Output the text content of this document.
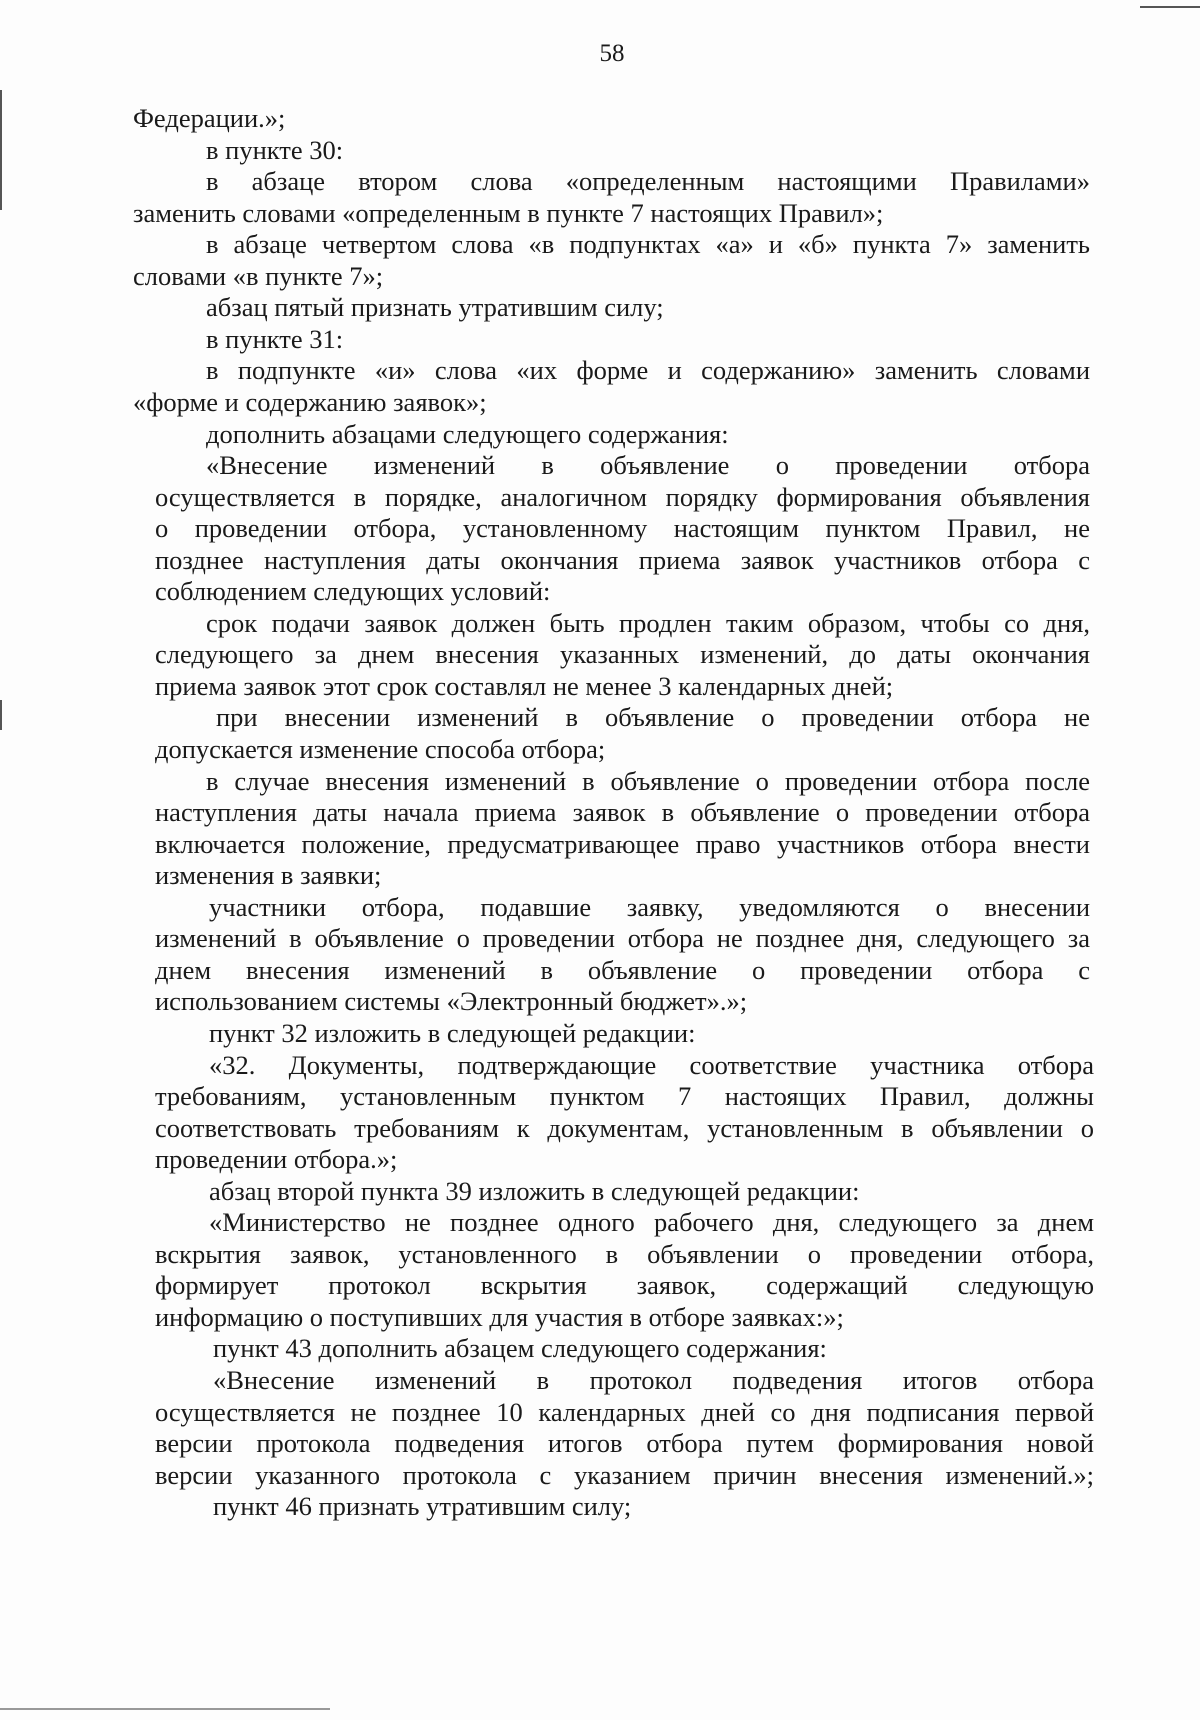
58
Федерации.»;
в пункте 30:
в абзаце втором слова «определенным настоящими Правилами»
заменить словами «определенным в пункте 7 настоящих Правил»;
в абзаце четвертом слова «в подпунктах «а» и «б» пункта 7» заменить
словами «в пункте 7»;
абзац пятый признать утратившим силу;
в пункте 31:
в подпункте «и» слова «их форме и содержанию» заменить словами
«форме и содержанию заявок»;
дополнить абзацами следующего содержания:
«Внесение изменений в объявление о проведении отбора
осуществляется в порядке, аналогичном порядку формирования объявления
о проведении отбора, установленному настоящим пунктом Правил, не
позднее наступления даты окончания приема заявок участников отбора с
соблюдением следующих условий:
срок подачи заявок должен быть продлен таким образом, чтобы со дня,
следующего за днем внесения указанных изменений, до даты окончания
приема заявок этот срок составлял не менее 3 календарных дней;
при внесении изменений в объявление о проведении отбора не
допускается изменение способа отбора;
в случае внесения изменений в объявление о проведении отбора после
наступления даты начала приема заявок в объявление о проведении отбора
включается положение, предусматривающее право участников отбора внести
изменения в заявки;
участники отбора, подавшие заявку, уведомляются о внесении
изменений в объявление о проведении отбора не позднее дня, следующего за
днем внесения изменений в объявление о проведении отбора с
использованием системы «Электронный бюджет».»;
пункт 32 изложить в следующей редакции:
«32. Документы, подтверждающие соответствие участника отбора
требованиям, установленным пунктом 7 настоящих Правил, должны
соответствовать требованиям к документам, установленным в объявлении о
проведении отбора.»;
абзац второй пункта 39 изложить в следующей редакции:
«Министерство не позднее одного рабочего дня, следующего за днем
вскрытия заявок, установленного в объявлении о проведении отбора,
формирует протокол вскрытия заявок, содержащий следующую
информацию о поступивших для участия в отборе заявках:»;
пункт 43 дополнить абзацем следующего содержания:
«Внесение изменений в протокол подведения итогов отбора
осуществляется не позднее 10 календарных дней со дня подписания первой
версии протокола подведения итогов отбора путем формирования новой
версии указанного протокола с указанием причин внесения изменений.»;
пункт 46 признать утратившим силу;
